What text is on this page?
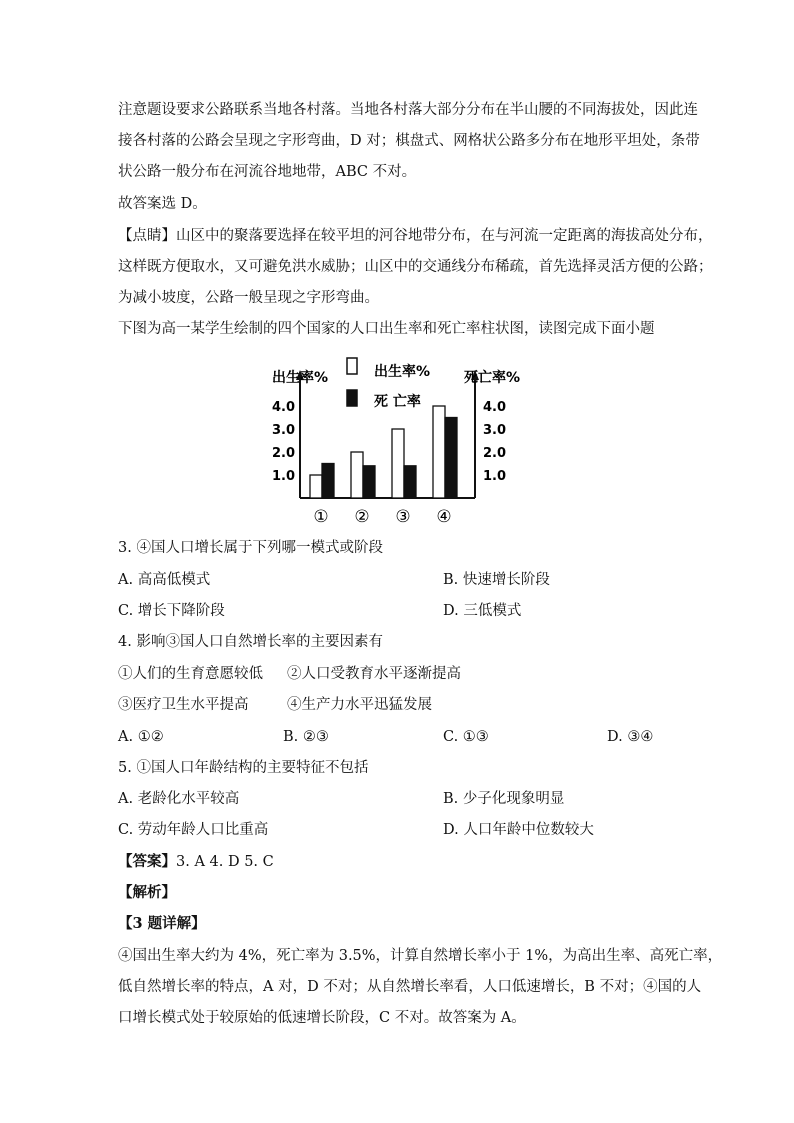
注意题设要求公路联系当地各村落。当地各村落大部分分布在半山腰的不同海拔处，因此连
接各村落的公路会呈现之字形弯曲，D 对；棋盘式、网格状公路多分布在地形平坦处，条带
状公路一般分布在河流谷地地带，ABC 不对。
故答案选 D。
【点睛】山区中的聚落要选择在较平坦的河谷地带分布，在与河流一定距离的海拔高处分布，
这样既方便取水，又可避免洪水威胁；山区中的交通线分布稀疏，首先选择灵活方便的公路；
为减小坡度，公路一般呈现之字形弯曲。
下图为高一某学生绘制的四个国家的人口出生率和死亡率柱状图，读图完成下面小题
出生率%	死亡率%
4.0	4.0
3.0	3.0
2.0	2.0
1.0	1.0
① ② ③ ④
出生率%
死 亡率
3. ④国人口增长属于下列哪一模式或阶段
A. 高高低模式	B. 快速增长阶段
C. 增长下降阶段	D. 三低模式
4. 影响③国人口自然增长率的主要因素有
①人们的生育意愿较低 ②人口受教育水平逐渐提高
③医疗卫生水平提高	④生产力水平迅猛发展
A. ①②	B. ②③	C. ①③	D. ③④
5. ①国人口年龄结构的主要特征不包括
A. 老龄化水平较高	B. 少子化现象明显
C. 劳动年龄人口比重高	D. 人口年龄中位数较大
【答案】3. A 4. D 5. C
【解析】
【3 题详解】
④国出生率大约为 4%，死亡率为 3.5%，计算自然增长率小于 1%，为高出生率、高死亡率，
低自然增长率的特点，A 对，D 不对；从自然增长率看，人口低速增长，B 不对；④国的人
口增长模式处于较原始的低速增长阶段，C 不对。故答案为 A。
